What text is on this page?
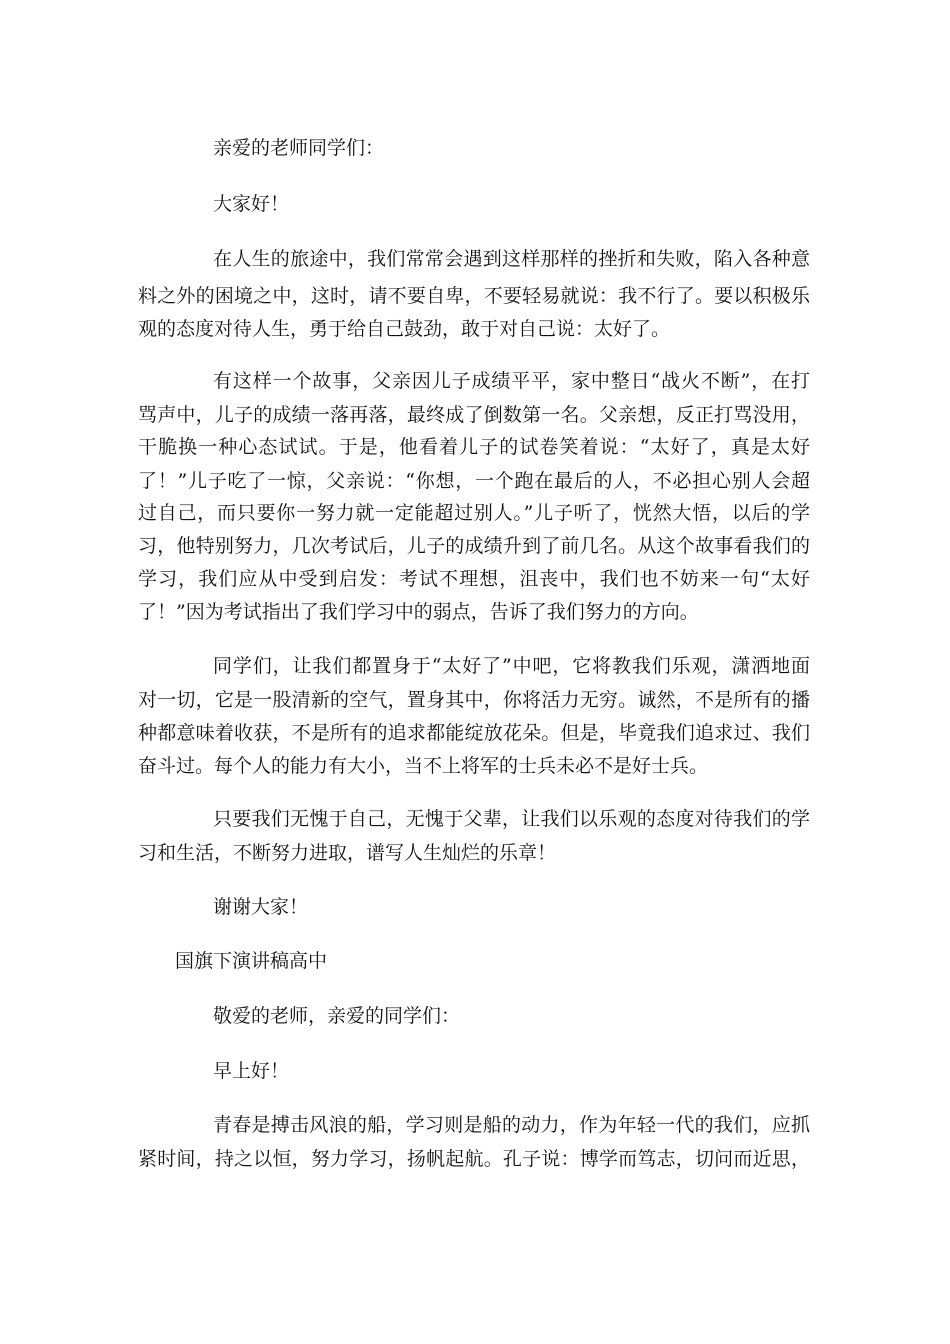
亲爱的老师同学们：
大家好！
在人生的旅途中，我们常常会遇到这样那样的挫折和失败，陷入各种意
料之外的困境之中，这时，请不要自卑，不要轻易就说：我不行了。要以积极乐
观的态度对待人生，勇于给自己鼓劲，敢于对自己说：太好了。
有这样一个故事，父亲因儿子成绩平平，家中整日“战火不断”，在打
骂声中，儿子的成绩一落再落，最终成了倒数第一名。父亲想，反正打骂没用，
干脆换一种心态试试。于是，他看着儿子的试卷笑着说：“太好了，真是太好
了！”儿子吃了一惊，父亲说：“你想，一个跑在最后的人，不必担心别人会超
过自己，而只要你一努力就一定能超过别人。”儿子听了，恍然大悟，以后的学
习，他特别努力，几次考试后，儿子的成绩升到了前几名。从这个故事看我们的
学习，我们应从中受到启发：考试不理想，沮丧中，我们也不妨来一句“太好
了！”因为考试指出了我们学习中的弱点，告诉了我们努力的方向。
同学们，让我们都置身于“太好了”中吧，它将教我们乐观，潇洒地面
对一切，它是一股清新的空气，置身其中，你将活力无穷。诚然，不是所有的播
种都意味着收获，不是所有的追求都能绽放花朵。但是，毕竟我们追求过、我们
奋斗过。每个人的能力有大小，当不上将军的士兵未必不是好士兵。
只要我们无愧于自己，无愧于父辈，让我们以乐观的态度对待我们的学
习和生活，不断努力进取，谱写人生灿烂的乐章！
谢谢大家！
国旗下演讲稿高中
敬爱的老师，亲爱的同学们：
早上好！
青春是搏击风浪的船，学习则是船的动力，作为年轻一代的我们，应抓
紧时间，持之以恒，努力学习，扬帆起航。孔子说：博学而笃志，切问而近思，
